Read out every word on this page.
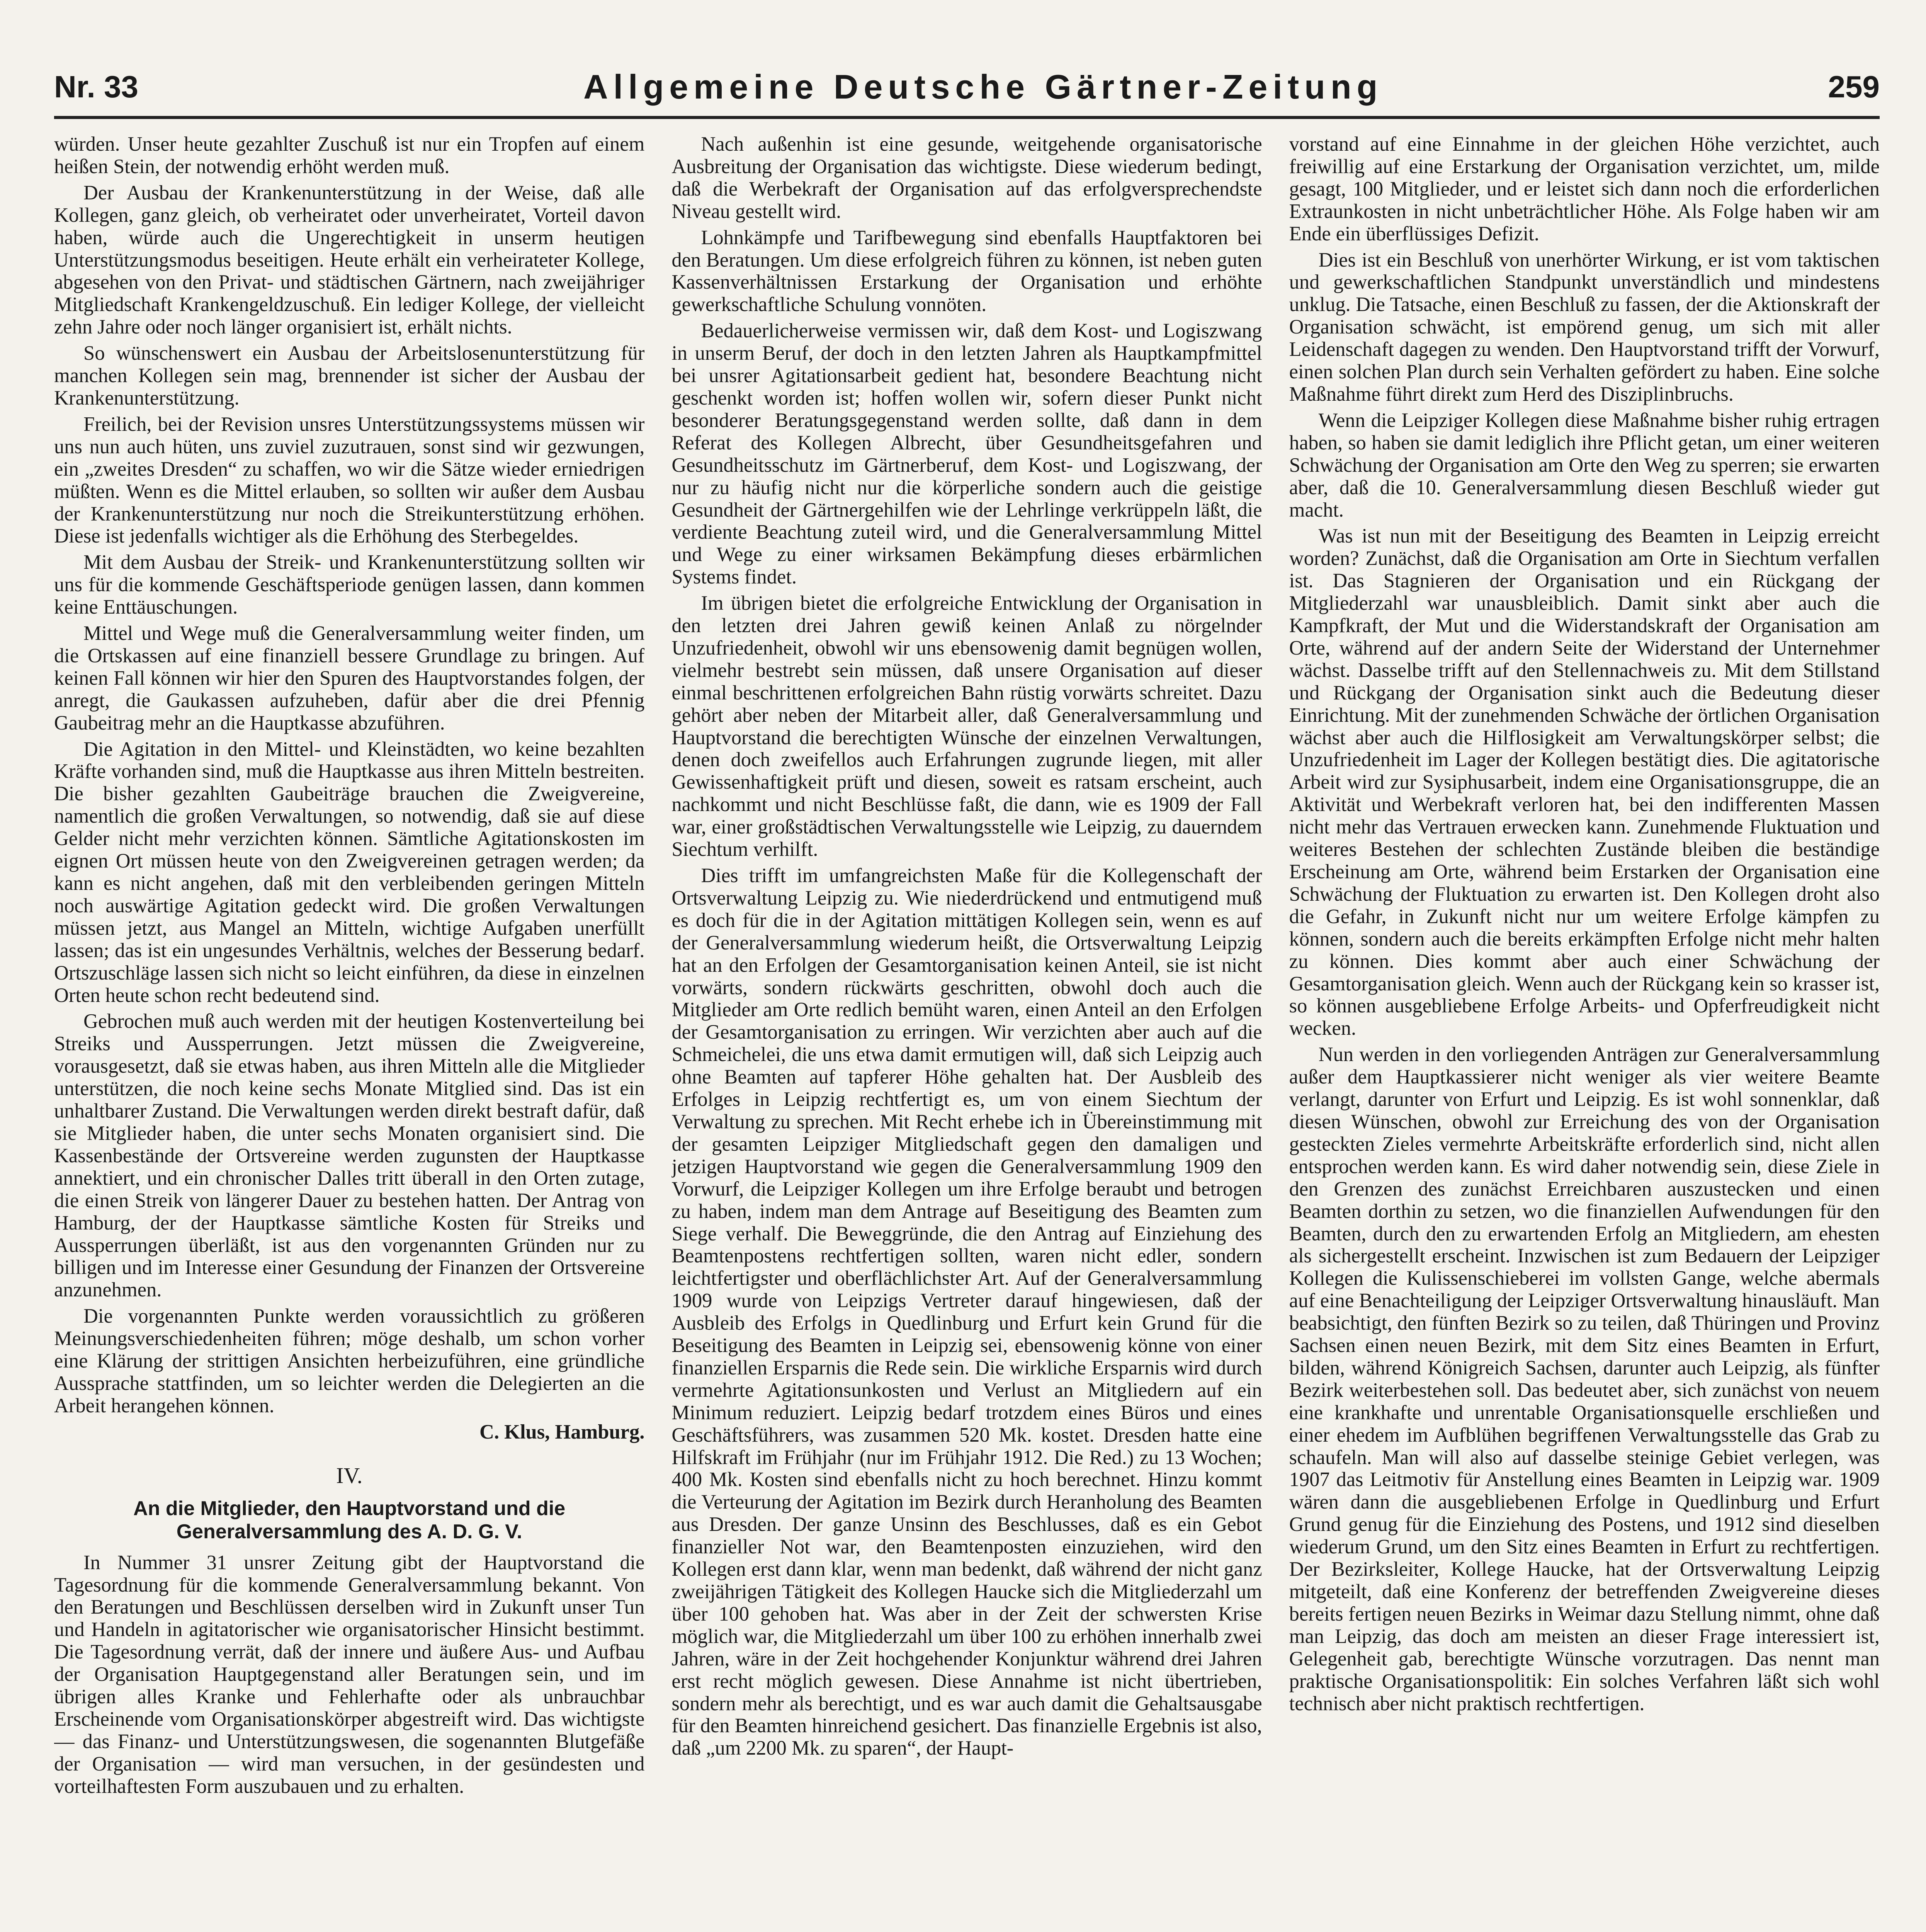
Nr. 33	Allgemeine Deutsche Gärtner-Zeitung	259

würden. Unser heute gezahlter Zuschuß ist nur ein Tropfen auf einem heißen Stein, der notwendig erhöht werden muß.

Der Ausbau der Krankenunterstützung in der Weise, daß alle Kollegen, ganz gleich, ob verheiratet oder unverheiratet, Vorteil davon haben, würde auch die Ungerechtigkeit in unserm heutigen Unterstützungsmodus beseitigen. Heute erhält ein verheirateter Kollege, abgesehen von den Privat- und städtischen Gärtnern, nach zweijähriger Mitgliedschaft Krankengeldzuschuß. Ein lediger Kollege, der vielleicht zehn Jahre oder noch länger organisiert ist, erhält nichts.

So wünschenswert ein Ausbau der Arbeitslosenunterstützung für manchen Kollegen sein mag, brennender ist sicher der Ausbau der Krankenunterstützung.

Freilich, bei der Revision unsres Unterstützungssystems müssen wir uns nun auch hüten, uns zuviel zuzutrauen, sonst sind wir gezwungen, ein „zweites Dresden“ zu schaffen, wo wir die Sätze wieder erniedrigen müßten. Wenn es die Mittel erlauben, so sollten wir außer dem Ausbau der Krankenunterstützung nur noch die Streikunterstützung erhöhen. Diese ist jedenfalls wichtiger als die Erhöhung des Sterbegeldes.

Mit dem Ausbau der Streik- und Krankenunterstützung sollten wir uns für die kommende Geschäftsperiode genügen lassen, dann kommen keine Enttäuschungen.

Mittel und Wege muß die Generalversammlung weiter finden, um die Ortskassen auf eine finanziell bessere Grundlage zu bringen. Auf keinen Fall können wir hier den Spuren des Hauptvorstandes folgen, der anregt, die Gaukassen aufzuheben, dafür aber die drei Pfennig Gaubeitrag mehr an die Hauptkasse abzuführen.

Die Agitation in den Mittel- und Kleinstädten, wo keine bezahlten Kräfte vorhanden sind, muß die Hauptkasse aus ihren Mitteln bestreiten. Die bisher gezahlten Gaubeiträge brauchen die Zweigvereine, namentlich die großen Verwaltungen, so notwendig, daß sie auf diese Gelder nicht mehr verzichten können. Sämtliche Agitationskosten im eignen Ort müssen heute von den Zweigvereinen getragen werden; da kann es nicht angehen, daß mit den verbleibenden geringen Mitteln noch auswärtige Agitation gedeckt wird. Die großen Verwaltungen müssen jetzt, aus Mangel an Mitteln, wichtige Aufgaben unerfüllt lassen; das ist ein ungesundes Verhältnis, welches der Besserung bedarf. Ortszuschläge lassen sich nicht so leicht einführen, da diese in einzelnen Orten heute schon recht bedeutend sind.

Gebrochen muß auch werden mit der heutigen Kostenverteilung bei Streiks und Aussperrungen. Jetzt müssen die Zweigvereine, vorausgesetzt, daß sie etwas haben, aus ihren Mitteln alle die Mitglieder unterstützen, die noch keine sechs Monate Mitglied sind. Das ist ein unhaltbarer Zustand. Die Verwaltungen werden direkt bestraft dafür, daß sie Mitglieder haben, die unter sechs Monaten organisiert sind. Die Kassenbestände der Ortsvereine werden zugunsten der Hauptkasse annektiert, und ein chronischer Dalles tritt überall in den Orten zutage, die einen Streik von längerer Dauer zu bestehen hatten. Der Antrag von Hamburg, der der Hauptkasse sämtliche Kosten für Streiks und Aussperrungen überläßt, ist aus den vorgenannten Gründen nur zu billigen und im Interesse einer Gesundung der Finanzen der Ortsvereine anzunehmen.

Die vorgenannten Punkte werden voraussichtlich zu größeren Meinungsverschiedenheiten führen; möge deshalb, um schon vorher eine Klärung der strittigen Ansichten herbeizuführen, eine gründliche Aussprache stattfinden, um so leichter werden die Delegierten an die Arbeit herangehen können.

C. Klus, Hamburg.
IV.
An die Mitglieder, den Hauptvorstand und die Generalversammlung des A. D. G. V.

In Nummer 31 unsrer Zeitung gibt der Hauptvorstand die Tagesordnung für die kommende Generalversammlung bekannt. Von den Beratungen und Beschlüssen derselben wird in Zukunft unser Tun und Handeln in agitatorischer wie organisatorischer Hinsicht bestimmt. Die Tagesordnung verrät, daß der innere und äußere Aus- und Aufbau der Organisation Hauptgegenstand aller Beratungen sein, und im übrigen alles Kranke und Fehlerhafte oder als unbrauchbar Erscheinende vom Organisationskörper abgestreift wird. Das wichtigste — das Finanz- und Unterstützungswesen, die sogenannten Blutgefäße der Organisation — wird man versuchen, in der gesündesten und vorteilhaftesten Form auszubauen und zu erhalten.

Nach außenhin ist eine gesunde, weitgehende organisatorische Ausbreitung der Organisation das wichtigste. Diese wiederum bedingt, daß die Werbekraft der Organisation auf das erfolgversprechendste Niveau gestellt wird.

Lohnkämpfe und Tarifbewegung sind ebenfalls Hauptfaktoren bei den Beratungen. Um diese erfolgreich führen zu können, ist neben guten Kassenverhältnissen Erstarkung der Organisation und erhöhte gewerkschaftliche Schulung vonnöten.

Bedauerlicherweise vermissen wir, daß dem Kost- und Logiszwang in unserm Beruf, der doch in den letzten Jahren als Hauptkampfmittel bei unsrer Agitationsarbeit gedient hat, besondere Beachtung nicht geschenkt worden ist; hoffen wollen wir, sofern dieser Punkt nicht besonderer Beratungsgegenstand werden sollte, daß dann in dem Referat des Kollegen Albrecht, über Gesundheitsgefahren und Gesundheitsschutz im Gärtnerberuf, dem Kost- und Logiszwang, der nur zu häufig nicht nur die körperliche sondern auch die geistige Gesundheit der Gärtnergehilfen wie der Lehrlinge verkrüppeln läßt, die verdiente Beachtung zuteil wird, und die Generalversammlung Mittel und Wege zu einer wirksamen Bekämpfung dieses erbärmlichen Systems findet.

Im übrigen bietet die erfolgreiche Entwicklung der Organisation in den letzten drei Jahren gewiß keinen Anlaß zu nörgelnder Unzufriedenheit, obwohl wir uns ebensowenig damit begnügen wollen, vielmehr bestrebt sein müssen, daß unsere Organisation auf dieser einmal beschrittenen erfolgreichen Bahn rüstig vorwärts schreitet. Dazu gehört aber neben der Mitarbeit aller, daß Generalversammlung und Hauptvorstand die berechtigten Wünsche der einzelnen Verwaltungen, denen doch zweifellos auch Erfahrungen zugrunde liegen, mit aller Gewissenhaftigkeit prüft und diesen, soweit es ratsam erscheint, auch nachkommt und nicht Beschlüsse faßt, die dann, wie es 1909 der Fall war, einer großstädtischen Verwaltungsstelle wie Leipzig, zu dauerndem Siechtum verhilft.

Dies trifft im umfangreichsten Maße für die Kollegenschaft der Ortsverwaltung Leipzig zu. Wie niederdrückend und entmutigend muß es doch für die in der Agitation mittätigen Kollegen sein, wenn es auf der Generalversammlung wiederum heißt, die Ortsverwaltung Leipzig hat an den Erfolgen der Gesamtorganisation keinen Anteil, sie ist nicht vorwärts, sondern rückwärts geschritten, obwohl doch auch die Mitglieder am Orte redlich bemüht waren, einen Anteil an den Erfolgen der Gesamtorganisation zu erringen. Wir verzichten aber auch auf die Schmeichelei, die uns etwa damit ermutigen will, daß sich Leipzig auch ohne Beamten auf tapferer Höhe gehalten hat. Der Ausbleib des Erfolges in Leipzig rechtfertigt es, um von einem Siechtum der Verwaltung zu sprechen. Mit Recht erhebe ich in Übereinstimmung mit der gesamten Leipziger Mitgliedschaft gegen den damaligen und jetzigen Hauptvorstand wie gegen die Generalversammlung 1909 den Vorwurf, die Leipziger Kollegen um ihre Erfolge beraubt und betrogen zu haben, indem man dem Antrage auf Beseitigung des Beamten zum Siege verhalf. Die Beweggründe, die den Antrag auf Einziehung des Beamtenpostens rechtfertigen sollten, waren nicht edler, sondern leichtfertigster und oberflächlichster Art. Auf der Generalversammlung 1909 wurde von Leipzigs Vertreter darauf hingewiesen, daß der Ausbleib des Erfolgs in Quedlinburg und Erfurt kein Grund für die Beseitigung des Beamten in Leipzig sei, ebensowenig könne von einer finanziellen Ersparnis die Rede sein. Die wirkliche Ersparnis wird durch vermehrte Agitationsunkosten und Verlust an Mitgliedern auf ein Minimum reduziert. Leipzig bedarf trotzdem eines Büros und eines Geschäftsführers, was zusammen 520 Mk. kostet. Dresden hatte eine Hilfskraft im Frühjahr (nur im Frühjahr 1912. Die Red.) zu 13 Wochen; 400 Mk. Kosten sind ebenfalls nicht zu hoch berechnet. Hinzu kommt die Verteurung der Agitation im Bezirk durch Heranholung des Beamten aus Dresden. Der ganze Unsinn des Beschlusses, daß es ein Gebot finanzieller Not war, den Beamtenposten einzuziehen, wird den Kollegen erst dann klar, wenn man bedenkt, daß während der nicht ganz zweijährigen Tätigkeit des Kollegen Haucke sich die Mitgliederzahl um über 100 gehoben hat. Was aber in der Zeit der schwersten Krise möglich war, die Mitgliederzahl um über 100 zu erhöhen innerhalb zwei Jahren, wäre in der Zeit hochgehender Konjunktur während drei Jahren erst recht möglich gewesen. Diese Annahme ist nicht übertrieben, sondern mehr als berechtigt, und es war auch damit die Gehaltsausgabe für den Beamten hinreichend gesichert. Das finanzielle Ergebnis ist also, daß „um 2200 Mk. zu sparen“, der Haupt-

vorstand auf eine Einnahme in der gleichen Höhe verzichtet, auch freiwillig auf eine Erstarkung der Organisation verzichtet, um, milde gesagt, 100 Mitglieder, und er leistet sich dann noch die erforderlichen Extraunkosten in nicht unbeträchtlicher Höhe. Als Folge haben wir am Ende ein überflüssiges Defizit.

Dies ist ein Beschluß von unerhörter Wirkung, er ist vom taktischen und gewerkschaftlichen Standpunkt unverständlich und mindestens unklug. Die Tatsache, einen Beschluß zu fassen, der die Aktionskraft der Organisation schwächt, ist empörend genug, um sich mit aller Leidenschaft dagegen zu wenden. Den Hauptvorstand trifft der Vorwurf, einen solchen Plan durch sein Verhalten gefördert zu haben. Eine solche Maßnahme führt direkt zum Herd des Disziplinbruchs.

Wenn die Leipziger Kollegen diese Maßnahme bisher ruhig ertragen haben, so haben sie damit lediglich ihre Pflicht getan, um einer weiteren Schwächung der Organisation am Orte den Weg zu sperren; sie erwarten aber, daß die 10. Generalversammlung diesen Beschluß wieder gut macht.

Was ist nun mit der Beseitigung des Beamten in Leipzig erreicht worden? Zunächst, daß die Organisation am Orte in Siechtum verfallen ist. Das Stagnieren der Organisation und ein Rückgang der Mitgliederzahl war unausbleiblich. Damit sinkt aber auch die Kampfkraft, der Mut und die Widerstandskraft der Organisation am Orte, während auf der andern Seite der Widerstand der Unternehmer wächst. Dasselbe trifft auf den Stellennachweis zu. Mit dem Stillstand und Rückgang der Organisation sinkt auch die Bedeutung dieser Einrichtung. Mit der zunehmenden Schwäche der örtlichen Organisation wächst aber auch die Hilflosigkeit am Verwaltungskörper selbst; die Unzufriedenheit im Lager der Kollegen bestätigt dies. Die agitatorische Arbeit wird zur Sysiphusarbeit, indem eine Organisationsgruppe, die an Aktivität und Werbekraft verloren hat, bei den indifferenten Massen nicht mehr das Vertrauen erwecken kann. Zunehmende Fluktuation und weiteres Bestehen der schlechten Zustände bleiben die beständige Erscheinung am Orte, während beim Erstarken der Organisation eine Schwächung der Fluktuation zu erwarten ist. Den Kollegen droht also die Gefahr, in Zukunft nicht nur um weitere Erfolge kämpfen zu können, sondern auch die bereits erkämpften Erfolge nicht mehr halten zu können. Dies kommt aber auch einer Schwächung der Gesamtorganisation gleich. Wenn auch der Rückgang kein so krasser ist, so können ausgebliebene Erfolge Arbeits- und Opferfreudigkeit nicht wecken.

Nun werden in den vorliegenden Anträgen zur Generalversammlung außer dem Hauptkassierer nicht weniger als vier weitere Beamte verlangt, darunter von Erfurt und Leipzig. Es ist wohl sonnenklar, daß diesen Wünschen, obwohl zur Erreichung des von der Organisation gesteckten Zieles vermehrte Arbeitskräfte erforderlich sind, nicht allen entsprochen werden kann. Es wird daher notwendig sein, diese Ziele in den Grenzen des zunächst Erreichbaren auszustecken und einen Beamten dorthin zu setzen, wo die finanziellen Aufwendungen für den Beamten, durch den zu erwartenden Erfolg an Mitgliedern, am ehesten als sichergestellt erscheint. Inzwischen ist zum Bedauern der Leipziger Kollegen die Kulissenschieberei im vollsten Gange, welche abermals auf eine Benachteiligung der Leipziger Ortsverwaltung hinausläuft. Man beabsichtigt, den fünften Bezirk so zu teilen, daß Thüringen und Provinz Sachsen einen neuen Bezirk, mit dem Sitz eines Beamten in Erfurt, bilden, während Königreich Sachsen, darunter auch Leipzig, als fünfter Bezirk weiterbestehen soll. Das bedeutet aber, sich zunächst von neuem eine krankhafte und unrentable Organisationsquelle erschließen und einer ehedem im Aufblühen begriffenen Verwaltungsstelle das Grab zu schaufeln. Man will also auf dasselbe steinige Gebiet verlegen, was 1907 das Leitmotiv für Anstellung eines Beamten in Leipzig war. 1909 wären dann die ausgebliebenen Erfolge in Quedlinburg und Erfurt Grund genug für die Einziehung des Postens, und 1912 sind dieselben wiederum Grund, um den Sitz eines Beamten in Erfurt zu rechtfertigen. Der Bezirksleiter, Kollege Haucke, hat der Ortsverwaltung Leipzig mitgeteilt, daß eine Konferenz der betreffenden Zweigvereine dieses bereits fertigen neuen Bezirks in Weimar dazu Stellung nimmt, ohne daß man Leipzig, das doch am meisten an dieser Frage interessiert ist, Gelegenheit gab, berechtigte Wünsche vorzutragen. Das nennt man praktische Organisationspolitik: Ein solches Verfahren läßt sich wohl technisch aber nicht praktisch rechtfertigen.
